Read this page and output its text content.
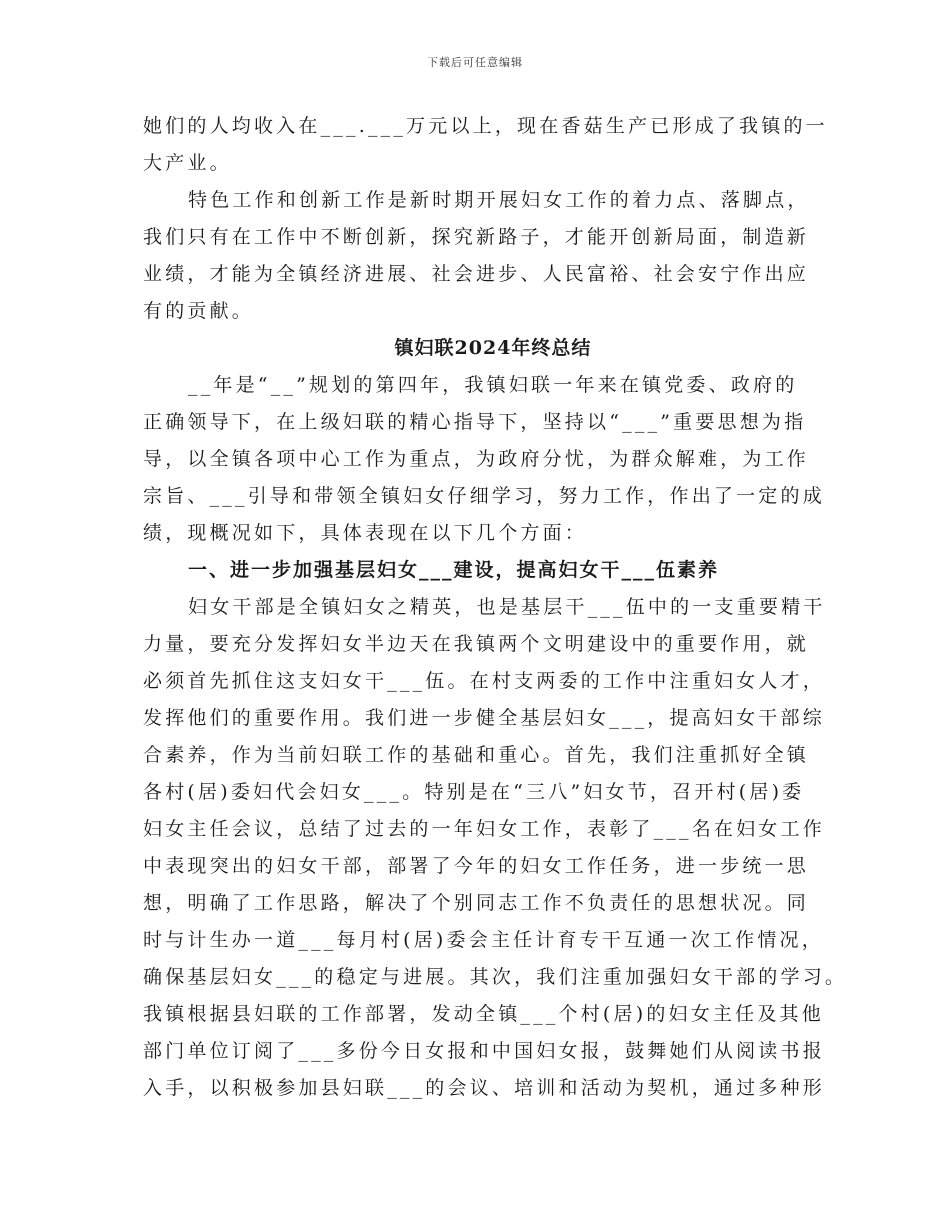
下载后可任意编辑
她们的人均收入在___.___万元以上，现在香菇生产已形成了我镇的一
大产业。
特色工作和创新工作是新时期开展妇女工作的着力点、落脚点，
我们只有在工作中不断创新，探究新路子，才能开创新局面，制造新
业绩，才能为全镇经济进展、社会进步、人民富裕、社会安宁作出应
有的贡献。
镇妇联2024年终总结
__年是“__”规划的第四年，我镇妇联一年来在镇党委、政府的
正确领导下，在上级妇联的精心指导下，坚持以“___”重要思想为指
导，以全镇各项中心工作为重点，为政府分忧，为群众解难，为工作
宗旨、___引导和带领全镇妇女仔细学习，努力工作，作出了一定的成
绩，现概况如下，具体表现在以下几个方面：
一、进一步加强基层妇女___建设，提高妇女干___伍素养
妇女干部是全镇妇女之精英，也是基层干___伍中的一支重要精干
力量，要充分发挥妇女半边天在我镇两个文明建设中的重要作用，就
必须首先抓住这支妇女干___伍。在村支两委的工作中注重妇女人才，
发挥他们的重要作用。我们进一步健全基层妇女___，提高妇女干部综
合素养，作为当前妇联工作的基础和重心。首先，我们注重抓好全镇
各村(居)委妇代会妇女___。特别是在“三八”妇女节，召开村(居)委
妇女主任会议，总结了过去的一年妇女工作，表彰了___名在妇女工作
中表现突出的妇女干部，部署了今年的妇女工作任务，进一步统一思
想，明确了工作思路，解决了个别同志工作不负责任的思想状况。同
时与计生办一道___每月村(居)委会主任计育专干互通一次工作情况，
确保基层妇女___的稳定与进展。其次，我们注重加强妇女干部的学习。
我镇根据县妇联的工作部署，发动全镇___个村(居)的妇女主任及其他
部门单位订阅了___多份今日女报和中国妇女报，鼓舞她们从阅读书报
入手，以积极参加县妇联___的会议、培训和活动为契机，通过多种形
